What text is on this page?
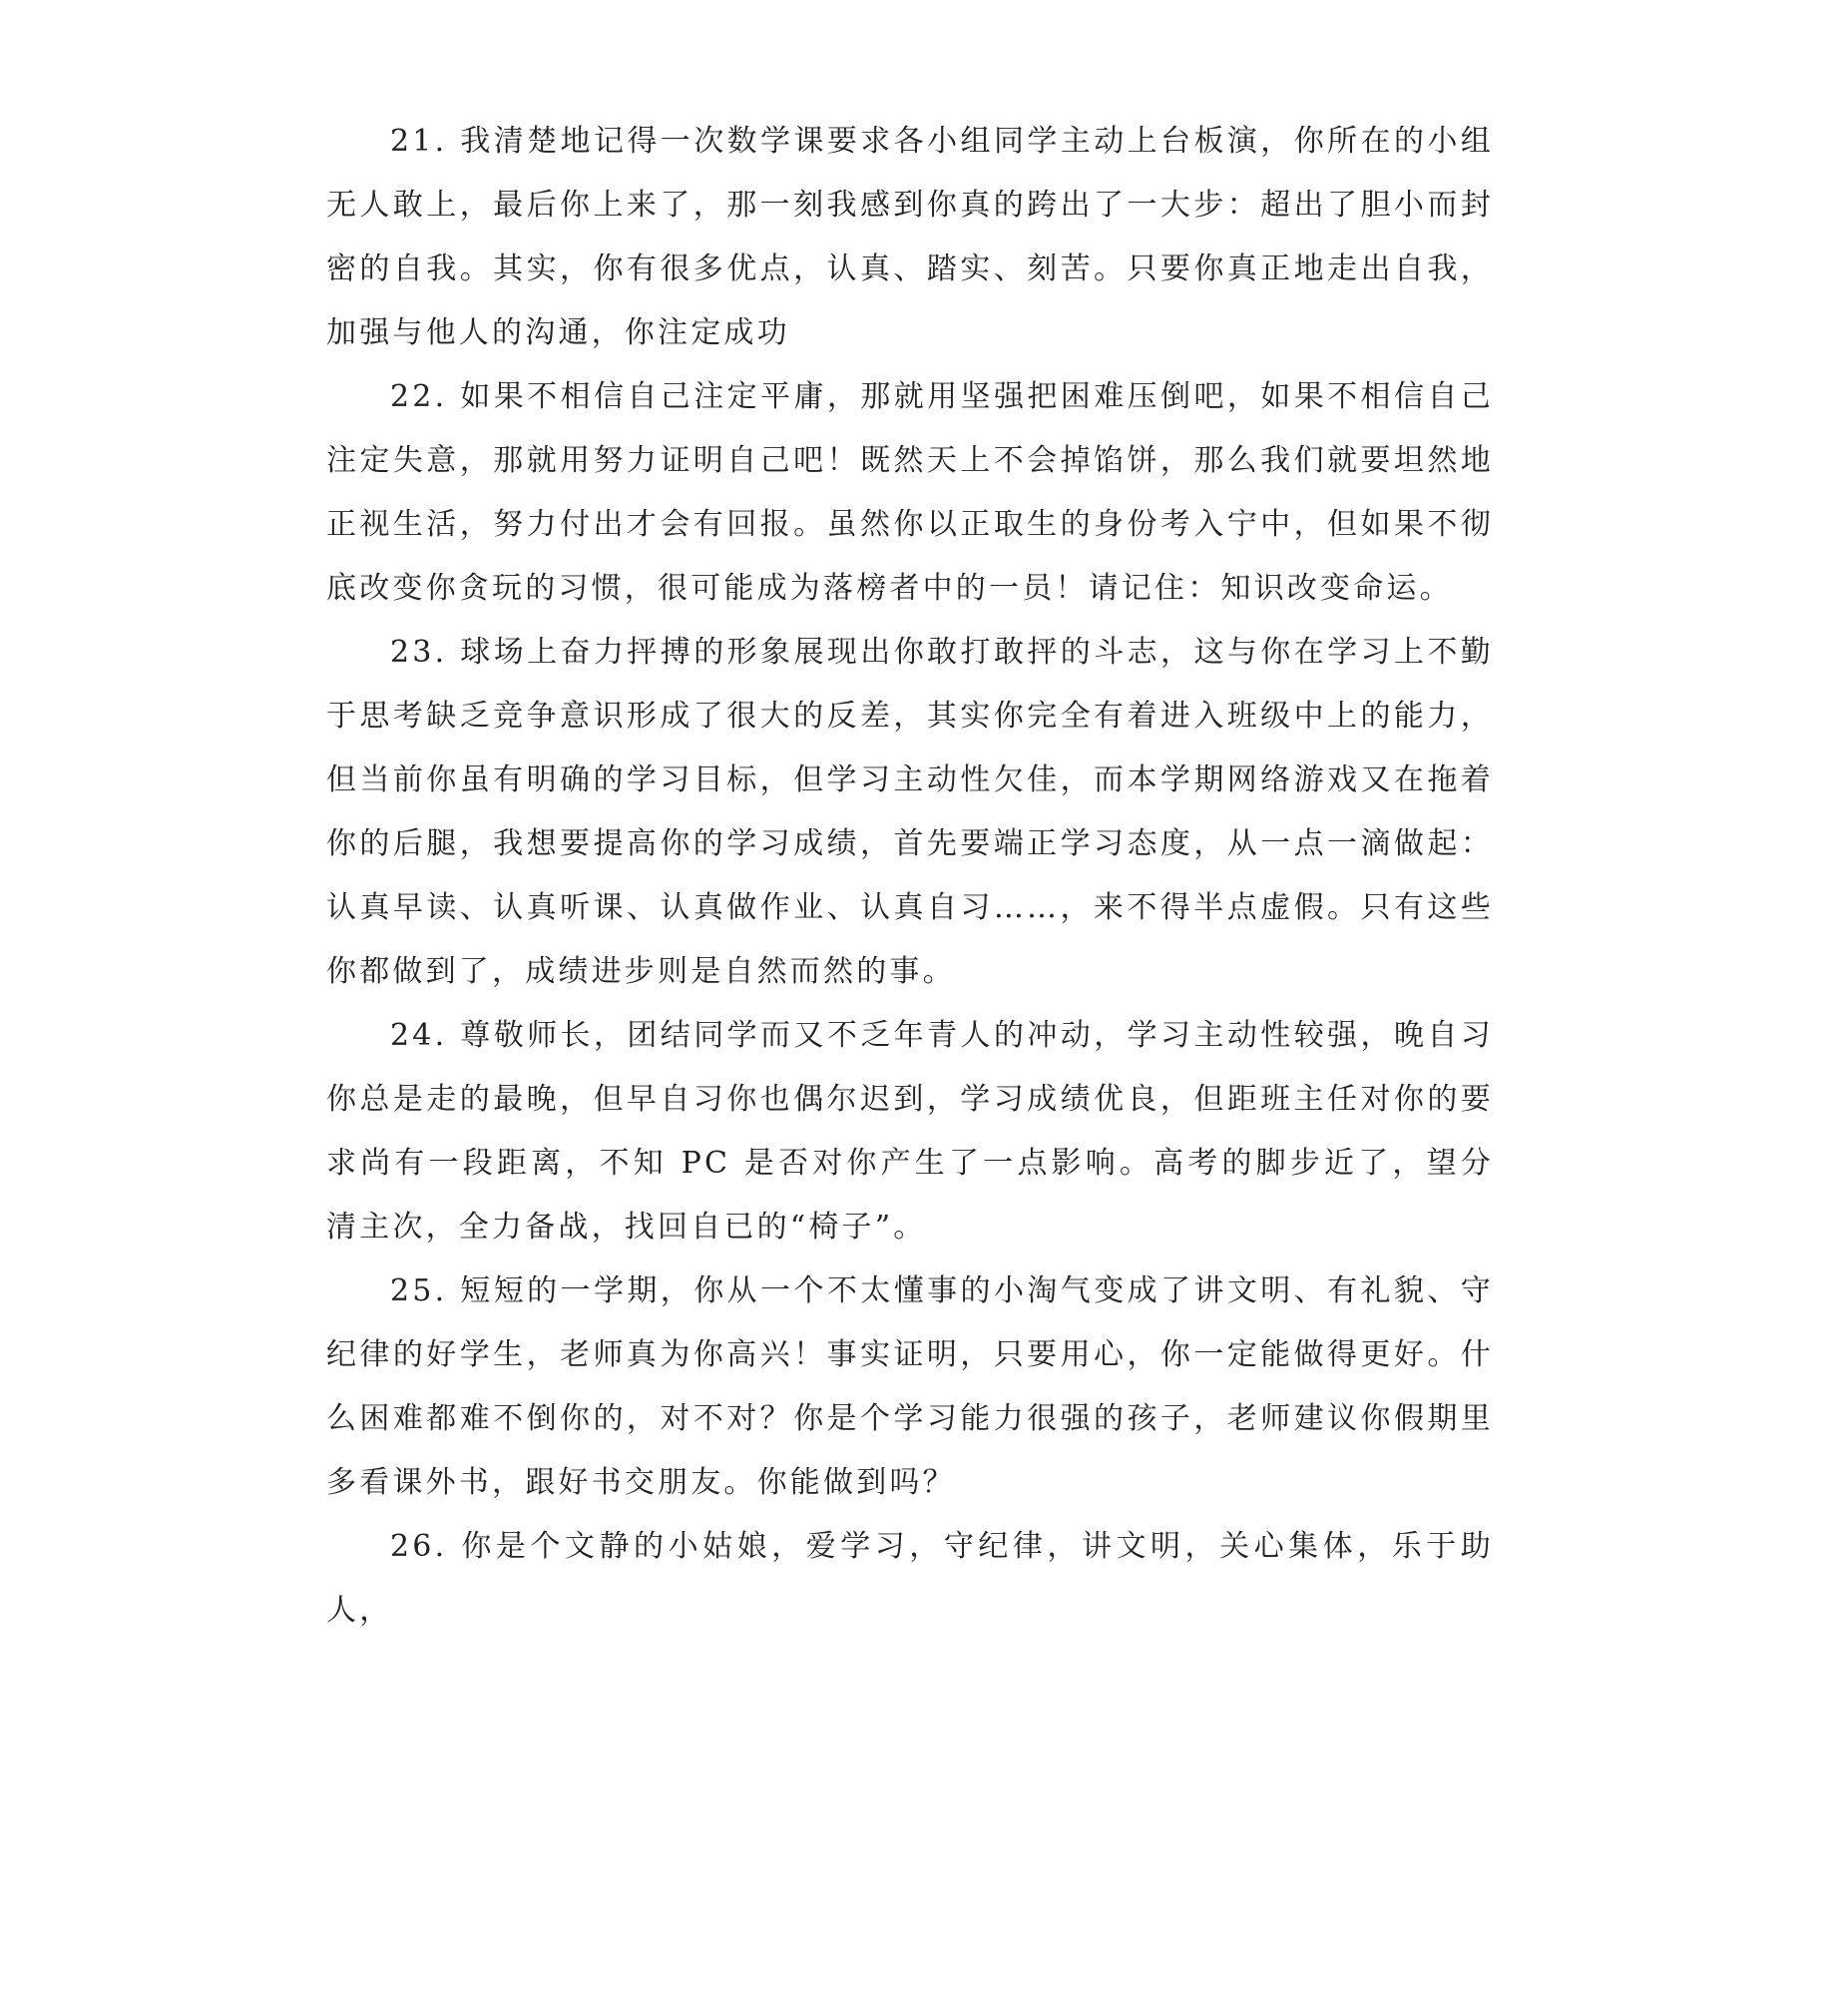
21. 我清楚地记得一次数学课要求各小组同学主动上台板演，你所在的小组无人敢上，最后你上来了，那一刻我感到你真的跨出了一大步：超出了胆小而封密的自我。其实，你有很多优点，认真、踏实、刻苦。只要你真正地走出自我，加强与他人的沟通，你注定成功

22. 如果不相信自己注定平庸，那就用坚强把困难压倒吧，如果不相信自己注定失意，那就用努力证明自己吧！既然天上不会掉馅饼，那么我们就要坦然地正视生活，努力付出才会有回报。虽然你以正取生的身份考入宁中，但如果不彻底改变你贪玩的习惯，很可能成为落榜者中的一员！请记住：知识改变命运。

23. 球场上奋力抨搏的形象展现出你敢打敢抨的斗志，这与你在学习上不勤于思考缺乏竞争意识形成了很大的反差，其实你完全有着进入班级中上的能力，但当前你虽有明确的学习目标，但学习主动性欠佳，而本学期网络游戏又在拖着你的后腿，我想要提高你的学习成绩，首先要端正学习态度，从一点一滴做起：认真早读、认真听课、认真做作业、认真自习……，来不得半点虚假。只有这些你都做到了，成绩进步则是自然而然的事。

24. 尊敬师长，团结同学而又不乏年青人的冲动，学习主动性较强，晚自习你总是走的最晚，但早自习你也偶尔迟到，学习成绩优良，但距班主任对你的要求尚有一段距离，不知 PC 是否对你产生了一点影响。高考的脚步近了，望分清主次，全力备战，找回自已的“椅子”。

25. 短短的一学期，你从一个不太懂事的小淘气变成了讲文明、有礼貌、守纪律的好学生，老师真为你高兴！事实证明，只要用心，你一定能做得更好。什么困难都难不倒你的，对不对？你是个学习能力很强的孩子，老师建议你假期里多看课外书，跟好书交朋友。你能做到吗？

26. 你是个文静的小姑娘，爱学习，守纪律，讲文明，关心集体，乐于助人，
